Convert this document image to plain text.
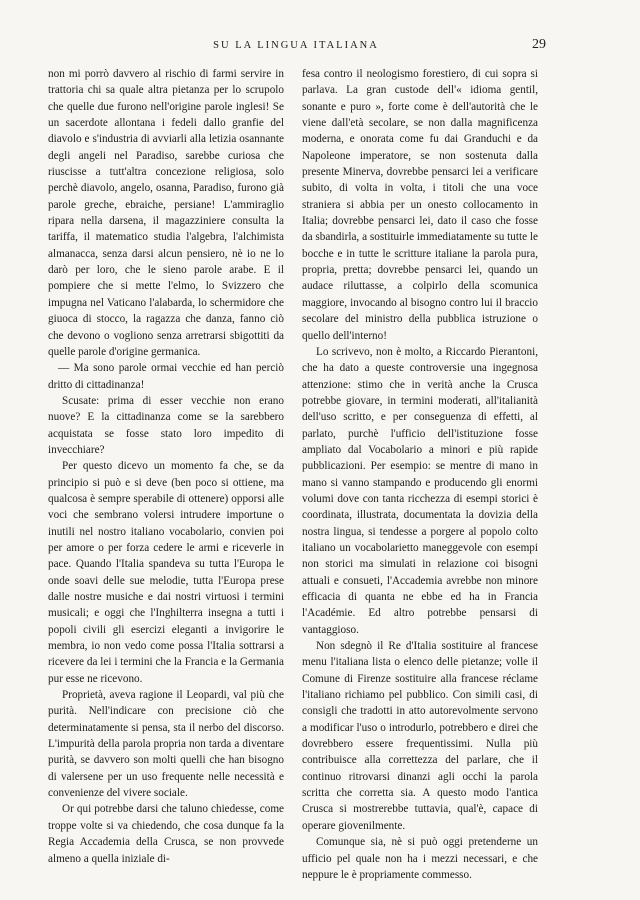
SU LA LINGUA ITALIANA	29

non mi porrò davvero al rischio di farmi servire in trattoria chi sa quale altra pietanza per lo scrupolo che quelle due furono nell'origine parole inglesi! Se un sacerdote allontana i fedeli dallo granfie del diavolo e s'industria di avviarli alla letizia osannante degli angeli nel Paradiso, sarebbe curiosa che riuscisse a tutt'altra concezione religiosa, solo perchè diavolo, angelo, osanna, Paradiso, furono già parole greche, ebraiche, persiane! L'ammiraglio ripara nella darsena, il magazziniere consulta la tariffa, il matematico studia l'algebra, l'alchimista almanacca, senza darsi alcun pensiero, nè io ne lo darò per loro, che le sieno parole arabe. E il pompiere che si mette l'elmo, lo Svizzero che impugna nel Vaticano l'alabarda, lo schermidore che giuoca di stocco, la ragazza che danza, fanno ciò che devono o vogliono senza arretrarsi sbigottiti da quelle parole d'origine germanica.

— Ma sono parole ormai vecchie ed han perciò dritto di cittadinanza!

Scusate: prima di esser vecchie non erano nuove? E la cittadinanza come se la sarebbero acquistata se fosse stato loro impedito di invecchiare?

Per questo dicevo un momento fa che, se da principio si può e si deve (ben poco si ottiene, ma qualcosa è sempre sperabile di ottenere) opporsi alle voci che sembrano volersi intrudere importune o inutili nel nostro italiano vocabolario, convien poi per amore o per forza cedere le armi e riceverle in pace. Quando l'Italia spandeva su tutta l'Europa le onde soavi delle sue melodie, tutta l'Europa prese dalle nostre musiche e dai nostri virtuosi i termini musicali; e oggi che l'Inghilterra insegna a tutti i popoli civili gli esercizi eleganti a invigorire le membra, io non vedo come possa l'Italia sottrarsi a ricevere da lei i termini che la Francia e la Germania pur esse ne ricevono.

Proprietà, aveva ragione il Leopardi, val più che purità. Nell'indicare con precisione ciò che determinatamente si pensa, sta il nerbo del discorso. L'impurità della parola propria non tarda a diventare purità, se davvero son molti quelli che han bisogno di valersene per un uso frequente nelle necessità e convenienze del vivere sociale.

Or qui potrebbe darsi che taluno chiedesse, come troppe volte si va chiedendo, che cosa dunque fa la Regia Accademia della Crusca, se non provvede almeno a quella iniziale di-

fesa contro il neologismo forestiero, di cui sopra si parlava. La gran custode dell'« idioma gentil, sonante e puro », forte come è dell'autorità che le viene dall'età secolare, se non dalla magnificenza moderna, e onorata come fu dai Granduchi e da Napoleone imperatore, se non sostenuta dalla presente Minerva, dovrebbe pensarci lei a verificare subito, di volta in volta, i titoli che una voce straniera si abbia per un onesto collocamento in Italia; dovrebbe pensarci lei, dato il caso che fosse da sbandirla, a sostituirle immediatamente su tutte le bocche e in tutte le scritture italiane la parola pura, propria, pretta; dovrebbe pensarci lei, quando un audace riluttasse, a colpirlo della scomunica maggiore, invocando al bisogno contro lui il braccio secolare del ministro della pubblica istruzione o quello dell'interno!

Lo scrivevo, non è molto, a Riccardo Pierantoni, che ha dato a queste controversie una ingegnosa attenzione: stimo che in verità anche la Crusca potrebbe giovare, in termini moderati, all'italianità dell'uso scritto, e per conseguenza di effetti, al parlato, purchè l'ufficio dell'istituzione fosse ampliato dal Vocabolario a minori e più rapide pubblicazioni. Per esempio: se mentre di mano in mano si vanno stampando e producendo gli enormi volumi dove con tanta ricchezza di esempi storici è coordinata, illustrata, documentata la dovizia della nostra lingua, si tendesse a porgere al popolo colto italiano un vocabolarietto maneggevole con esempi non storici ma simulati in relazione coi bisogni attuali e consueti, l'Accademia avrebbe non minore efficacia di quanta ne ebbe ed ha in Francia l'Académie. Ed altro potrebbe pensarsi di vantaggioso.

Non sdegnò il Re d'Italia sostituire al francese menu l'italiana lista o elenco delle pietanze; volle il Comune di Firenze sostituire alla francese réclame l'italiano richiamo pel pubblico. Con simili casi, di consigli che tradotti in atto autorevolmente servono a modificar l'uso o introdurlo, potrebbero e direi che dovrebbero essere frequentissimi. Nulla più contribuisce alla correttezza del parlare, che il continuo ritrovarsi dinanzi agli occhi la parola scritta che corretta sia. A questo modo l'antica Crusca si mostrerebbe tuttavia, qual'è, capace di operare giovenilmente.

Comunque sia, nè si può oggi pretenderne un ufficio pel quale non ha i mezzi necessari, e che neppure le è propriamente commesso.
